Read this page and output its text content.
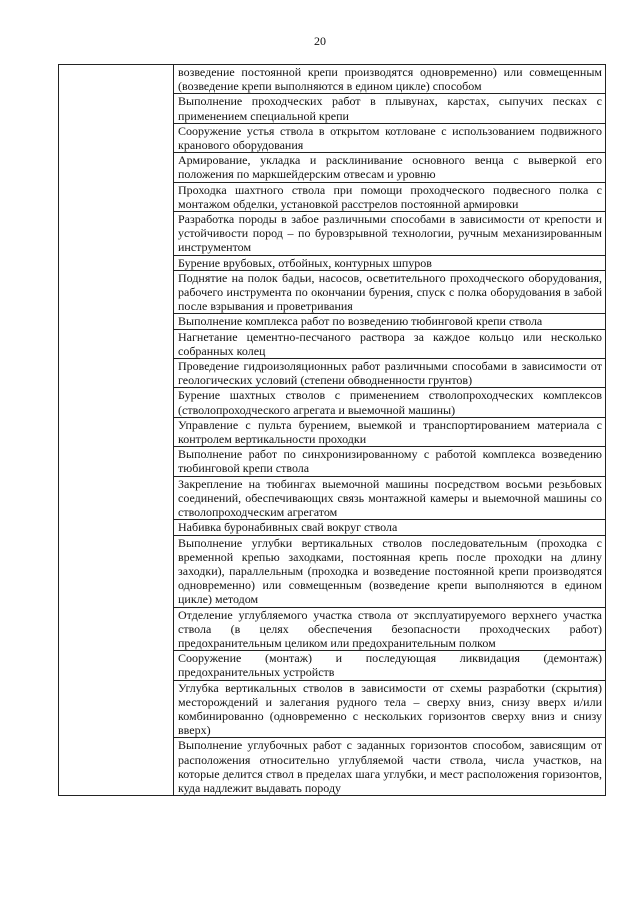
20

возведение постоянной крепи производятся одновременно) или совмещенным (возведение крепи выполняются в едином цикле) способом

Выполнение проходческих работ в плывунах, карстах, сыпучих песках с применением специальной крепи

Сооружение устья ствола в открытом котловане с использованием подвижного кранового оборудования

Армирование, укладка и расклинивание основного венца с выверкой его положения по маркшейдерским отвесам и уровню

Проходка шахтного ствола при помощи проходческого подвесного полка с монтажом обделки, установкой расстрелов постоянной армировки

Разработка породы в забое различными способами в зависимости от крепости и устойчивости пород – по буровзрывной технологии, ручным механизированным инструментом

Бурение врубовых, отбойных, контурных шпуров

Поднятие на полок бадьи, насосов, осветительного проходческого оборудования, рабочего инструмента по окончании бурения, спуск с полка оборудования в забой после взрывания и проветривания

Выполнение комплекса работ по возведению тюбинговой крепи ствола

Нагнетание цементно-песчаного раствора за каждое кольцо или несколько собранных колец

Проведение гидроизоляционных работ различными способами в зависимости от геологических условий (степени обводненности грунтов)

Бурение шахтных стволов с применением стволопроходческих комплексов (стволопроходческого агрегата и выемочной машины)

Управление с пульта бурением, выемкой и транспортированием материала с контролем вертикальности проходки

Выполнение работ по синхронизированному с работой комплекса возведению тюбинговой крепи ствола

Закрепление на тюбингах выемочной машины посредством восьми резьбовых соединений, обеспечивающих связь монтажной камеры и выемочной машины со стволопроходческим агрегатом

Набивка буронабивных свай вокруг ствола

Выполнение углубки вертикальных стволов последовательным (проходка с временной крепью заходками, постоянная крепь после проходки на длину заходки), параллельным (проходка и возведение постоянной крепи производятся одновременно) или совмещенным (возведение крепи выполняются в едином цикле) методом

Отделение углубляемого участка ствола от эксплуатируемого верхнего участка ствола (в целях обеспечения безопасности проходческих работ) предохранительным целиком или предохранительным полком

Сооружение (монтаж) и последующая ликвидация (демонтаж) предохранительных устройств

Углубка вертикальных стволов в зависимости от схемы разработки (скрытия) месторождений и залегания рудного тела – сверху вниз, снизу вверх и/или комбинированно (одновременно с нескольких горизонтов сверху вниз и снизу вверх)

Выполнение углубочных работ с заданных горизонтов способом, зависящим от расположения относительно углубляемой части ствола, числа участков, на которые делится ствол в пределах шага углубки, и мест расположения горизонтов, куда надлежит выдавать породу
